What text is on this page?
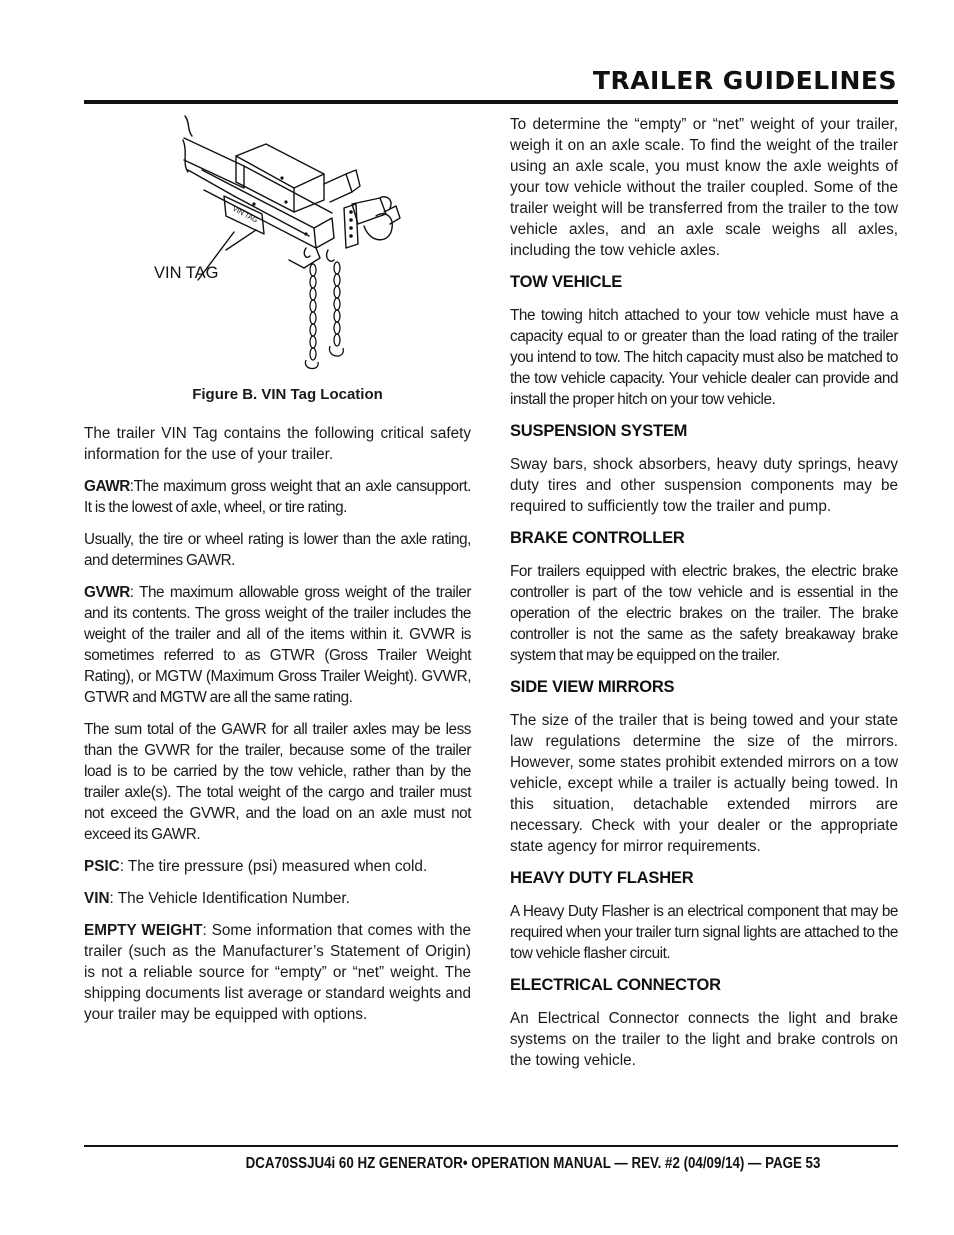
TRAILER GUIDELINES
VIN TAG
VIN TAG
Figure B. VIN Tag Location

The trailer VIN Tag contains the following critical safety information for the use of your trailer.

GAWR:The maximum gross weight that an axle cansupport. It is the lowest of axle, wheel, or tire rating.

Usually, the tire or wheel rating is lower than the axle rating, and determines GAWR.

GVWR: The maximum allowable gross weight of the trailer and its contents. The gross weight of the trailer includes the weight of the trailer and all of the items within it. GVWR is sometimes referred to as GTWR (Gross Trailer Weight Rating), or MGTW (Maximum Gross Trailer Weight). GVWR, GTWR and MGTW are all the same rating.

The sum total of the GAWR for all trailer axles may be less than the GVWR for the trailer, because some of the trailer load is to be carried by the tow vehicle, rather than by the trailer axle(s). The total weight of the cargo and trailer must not exceed the GVWR, and the load on an axle must not exceed its GAWR.

PSIC: The tire pressure (psi) measured when cold.

VIN: The Vehicle Identification Number.

EMPTY WEIGHT: Some information that comes with the trailer (such as the Manufacturer’s Statement of Origin) is not a reliable source for “empty” or “net” weight. The shipping documents list average or standard weights and your trailer may be equipped with options.

To determine the “empty” or “net” weight of your trailer, weigh it on an axle scale. To find the weight of the trailer using an axle scale, you must know the axle weights of your tow vehicle without the trailer coupled. Some of the trailer weight will be transferred from the trailer to the tow vehicle axles, and an axle scale weighs all axles, including the tow vehicle axles.

TOW VEHICLE

The towing hitch attached to your tow vehicle must have a capacity equal to or greater than the load rating of the trailer you intend to tow. The hitch capacity must also be matched to the tow vehicle capacity. Your vehicle dealer can provide and install the proper hitch on your tow vehicle.

SUSPENSION SYSTEM

Sway bars, shock absorbers, heavy duty springs, heavy duty tires and other suspension components may be required to sufficiently tow the trailer and pump.

BRAKE CONTROLLER

For trailers equipped with electric brakes, the electric brake controller is part of the tow vehicle and is essential in the operation of the electric brakes on the trailer. The brake controller is not the same as the safety breakaway brake system that may be equipped on the trailer.

SIDE VIEW MIRRORS

The size of the trailer that is being towed and your state law regulations determine the size of the mirrors. However, some states prohibit extended mirrors on a tow vehicle, except while a trailer is actually being towed. In this situation, detachable extended mirrors are necessary. Check with your dealer or the appropriate state agency for mirror requirements.

HEAVY DUTY FLASHER

A Heavy Duty Flasher is an electrical component that may be required when your trailer turn signal lights are attached to the tow vehicle flasher circuit.

ELECTRICAL CONNECTOR

An Electrical Connector connects the light and brake systems on the trailer to the light and brake controls on the towing vehicle.

DCA70SSJU4i 60 HZ GENERATOR• OPERATION MANUAL — REV. #2 (04/09/14) — PAGE 53
